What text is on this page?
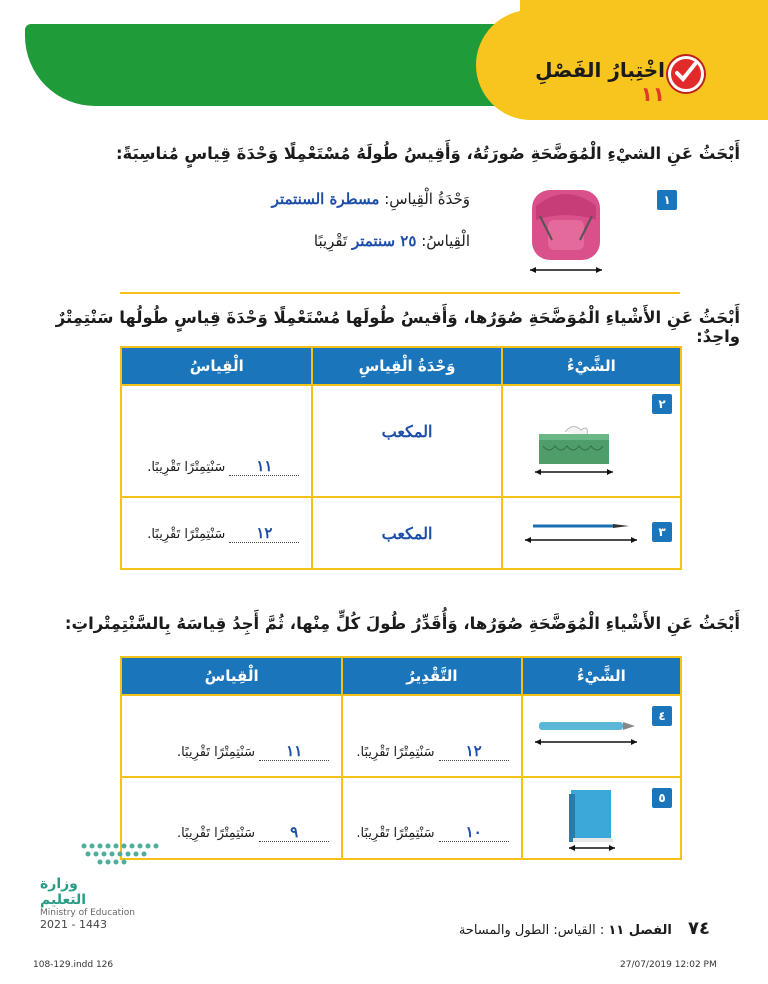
اخْتِبارُ الفَصْلِ ١١
أَبْحَثُ عَنِ الشيْءِ الْمُوَضَّحَةِ صُورَتُهُ، وَأَقِيسُ طُولَهُ مُسْتَعْمِلًا وَحْدَةَ قِياسٍ مُناسِبَةً:
١
وَحْدَةُ الْقِياسِ: مسطرة السنتمتر
الْقِياسُ: ٢٥ سنتمتر تَقْرِيبًا
أَبْحَثُ عَنِ الأَشْياءِ الْمُوَضَّحَةِ صُوَرُها، وَأَقيسُ طُولَها مُسْتَعْمِلًا وَحْدَةَ قِياسٍ طُولُها سَنْتِمِتْرٌ واحِدٌ:
الشَّيْءُ	وَحْدَةُ الْقِياسِ	الْقِياسُ

٢	المكعب	١١ سَنْتِمِتْرًا تَقْرِيبًا.

٣	المكعب	١٢ سَنْتِمِتْرًا تَقْرِيبًا.
أَبْحَثُ عَنِ الأَشْياءِ الْمُوَضَّحَةِ صُوَرُها، وَأُقَدِّرُ طُولَ كُلٍّ مِنْها، ثُمَّ أَجِدُ قِياسَهُ بِالسَّنْتِمِتْراتِ:
الشَّيْءُ	التَّقْدِيرُ	الْقِياسُ

٤	١٢ سَنْتِمِتْرًا تَقْرِيبًا.	١١ سَنْتِمِتْرًا تَقْرِيبًا.

٥	١٠ سَنْتِمِتْرًا تَقْرِيبًا.	٩ سَنْتِمِتْرًا تَقْرِيبًا.
وزارة التعليم
Ministry of Education
2021 - 1443	٧٤ الفصل ١١ : القياس: الطول والمساحة
108-129.indd 126	27/07/2019 12:02 PM
